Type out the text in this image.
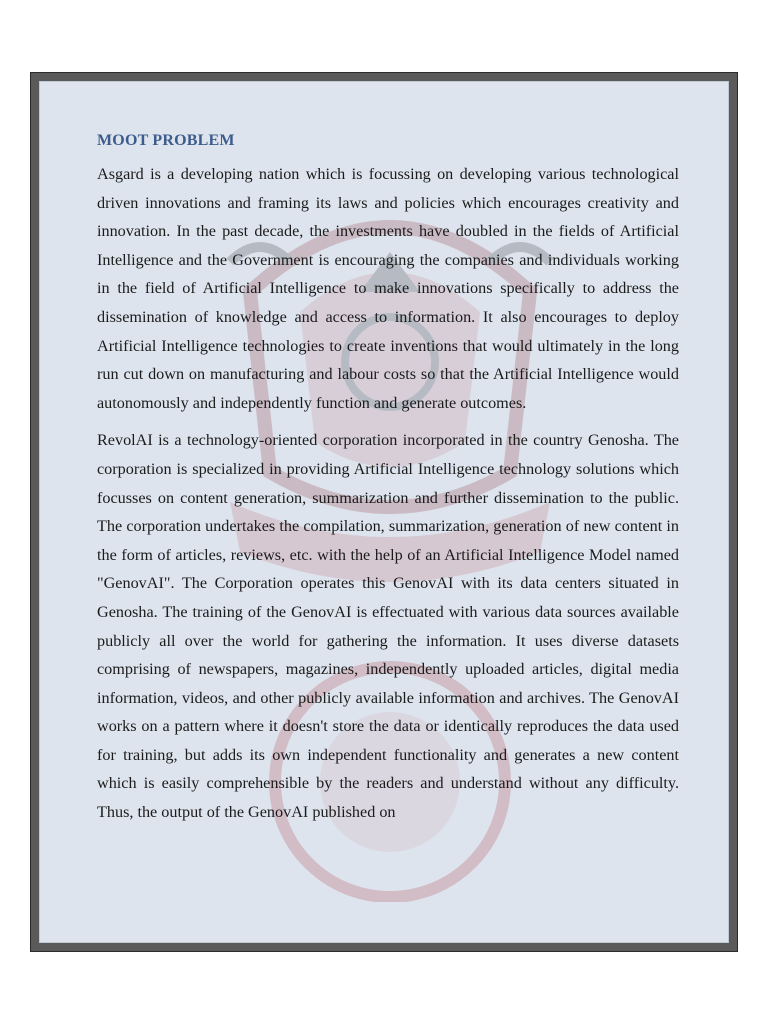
MOOT PROBLEM

Asgard is a developing nation which is focussing on developing various technological driven innovations and framing its laws and policies which encourages creativity and innovation. In the past decade, the investments have doubled in the fields of Artificial Intelligence and the Government is encouraging the companies and individuals working in the field of Artificial Intelligence to make innovations specifically to address the dissemination of knowledge and access to information. It also encourages to deploy Artificial Intelligence technologies to create inventions that would ultimately in the long run cut down on manufacturing and labour costs so that the Artificial Intelligence would autonomously and independently function and generate outcomes.

RevolAI is a technology-oriented corporation incorporated in the country Genosha. The corporation is specialized in providing Artificial Intelligence technology solutions which focusses on content generation, summarization and further dissemination to the public. The corporation undertakes the compilation, summarization, generation of new content in the form of articles, reviews, etc. with the help of an Artificial Intelligence Model named "GenovAI". The Corporation operates this GenovAI with its data centers situated in Genosha. The training of the GenovAI is effectuated with various data sources available publicly all over the world for gathering the information. It uses diverse datasets comprising of newspapers, magazines, independently uploaded articles, digital media information, videos, and other publicly available information and archives. The GenovAI works on a pattern where it doesn't store the data or identically reproduces the data used for training, but adds its own independent functionality and generates a new content which is easily comprehensible by the readers and understand without any difficulty. Thus, the output of the GenovAI published on
